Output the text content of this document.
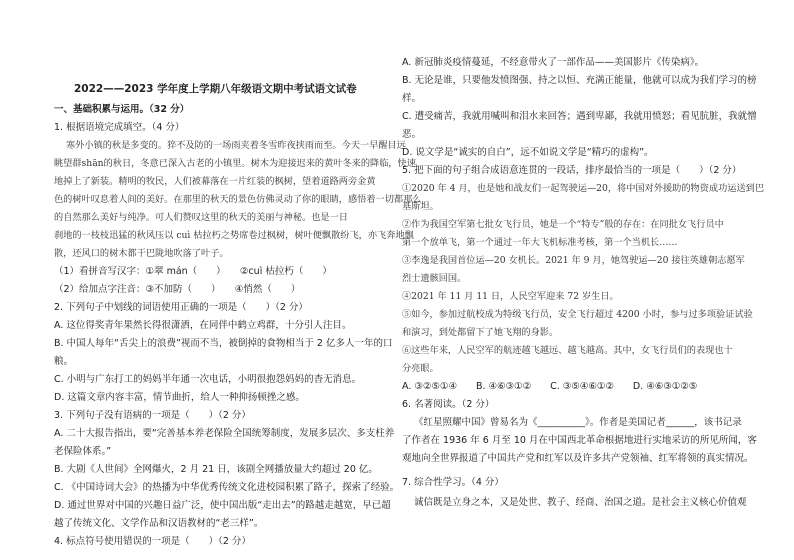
2022——2023 学年度上学期八年级语文期中考试语文试卷
一、基础积累与运用。（32 分）
1. 根据语境完成填空。（4 分）
寒外小镇的秋是多变的。猝不及防的一场雨夹着冬雪昨夜挟雨而至。今天一早醒目远
眺望群shān的秋日，冬意已深入古老的小镇里。树木为迎接迟来的黄叶冬来的降临，快速
地掉上了新装。精明的牧民，人们被幕落在一片红装的枫树，望着道路两旁金黄
色的树叶叹息着人间的美好。在那里的秋天的景色仿佛灵动了你的眼睛，感悟着一切都那么
的自然那么美好与纯净。可人们赞叹这里的秋天的美丽与神秘。也是一日
刹地的一枝枝迅猛的秋风压以 cuì 枯拉朽之势席卷过枫树，树叶便飘散纷飞，亦飞奔地飘
散，还风口的树木都干巴陇地吹落了叶子。
（1）看拼音写汉字：①翠 mán（　　）　　②cuì 枯拉朽（　　）
（2）给加点字注音：③不加防（　　）　　④悄然（　　）
2. 下列句子中划线的词语使用正确的一项是（　　）（2 分）
A. 这位得奖青年果然长得很潇洒，在同伴中鹤立鸡群，十分引人注目。
B. 中国人每年“舌尖上的浪费”视而不当，被倒掉的食物相当于 2 亿多人一年的口
粮。
C. 小明与广东打工的妈妈半年通一次电话，小明很抱怨妈妈的杳无消息。
D. 这篇文章内容丰富，情节曲折，给人一种抑扬顿挫之感。
3. 下列句子没有语病的一项是（　　）（2 分）
A. 二十大报告指出，要“完善基本养老保险全国统筹制度，发展多层次、多支柱养
老保险体系。”
B. 大剧《人世间》全网爆火，2 月 21 日，该剧全网播放量大约超过 20 亿。
C. 《中国诗词大会》的热播为中华优秀传统文化进校园积累了路子，探索了经验。
D. 通过世界对中国的兴趣日益广泛，使中国出版“走出去”的路越走越宽，早已超
越了传统文化、文学作品和汉语教材的“老三样”。
4. 标点符号使用错误的一项是（　　）（2 分）
A. 新冠肺炎疫情蔓延，不经意带火了一部作品——美国影片《传染病》。
B. 无论是谁，只要他发愤图强、持之以恒、充满正能量，他就可以成为我们学习的榜
样。
C. 遭受痛苦，我就用喊叫和泪水来回答；遇到卑鄙，我就用愤怒；看见肮脏，我就憎
恶。
D. 说文学是“诚实的自白”，远不如说文学是“精巧的虚构”。
5. 把下面的句子组合成语意连贯的一段话，排序最恰当的一项是（　　）（2 分）
①2020 年 4 月，也是她和战友们一起驾驶运—20，将中国对外援助的物资成功运送到巴
基斯坦。
②作为我国空军第七批女飞行员，她是一个“特专”般的存在：在同批女飞行员中
第一个放单飞，第一个通过一年大飞机标准考核，第一个当机长……
③李逸是我国首位运—20 女机长。2021 年 9 月，她驾驶运—20 接往英雄朝志愿军
烈士遗骸回国。
④2021 年 11 月 11 日，人民空军迎来 72 岁生日。
⑤如今，参加过航校成为特级飞行员，安全飞行超过 4200 小时，参与过多项验证试验
和演习，到处都留下了她飞翔的身影。
⑥这些年来，人民空军的航迹越飞越远、越飞越高。其中，女飞行员们的表现也十
分亮眼。
A. ③②⑤①④　　B. ④⑥③①②　　C. ③⑤④⑥①②　　D. ④⑥③①②⑤
6. 名著阅读。（2 分）
《红星照耀中国》曾易名为《__________》。作者是美国记者______，该书记录
了作者在 1936 年 6 月至 10 月在中国西北革命根据地进行实地采访的所见所闻，客
观地向全世界报道了中国共产党和红军以及许多共产党领袖、红军将领的真实情况。
7. 综合性学习。（4 分）
诚信既是立身之本，又是处世、教子、经商、治国之道。是社会主义核心价值观
